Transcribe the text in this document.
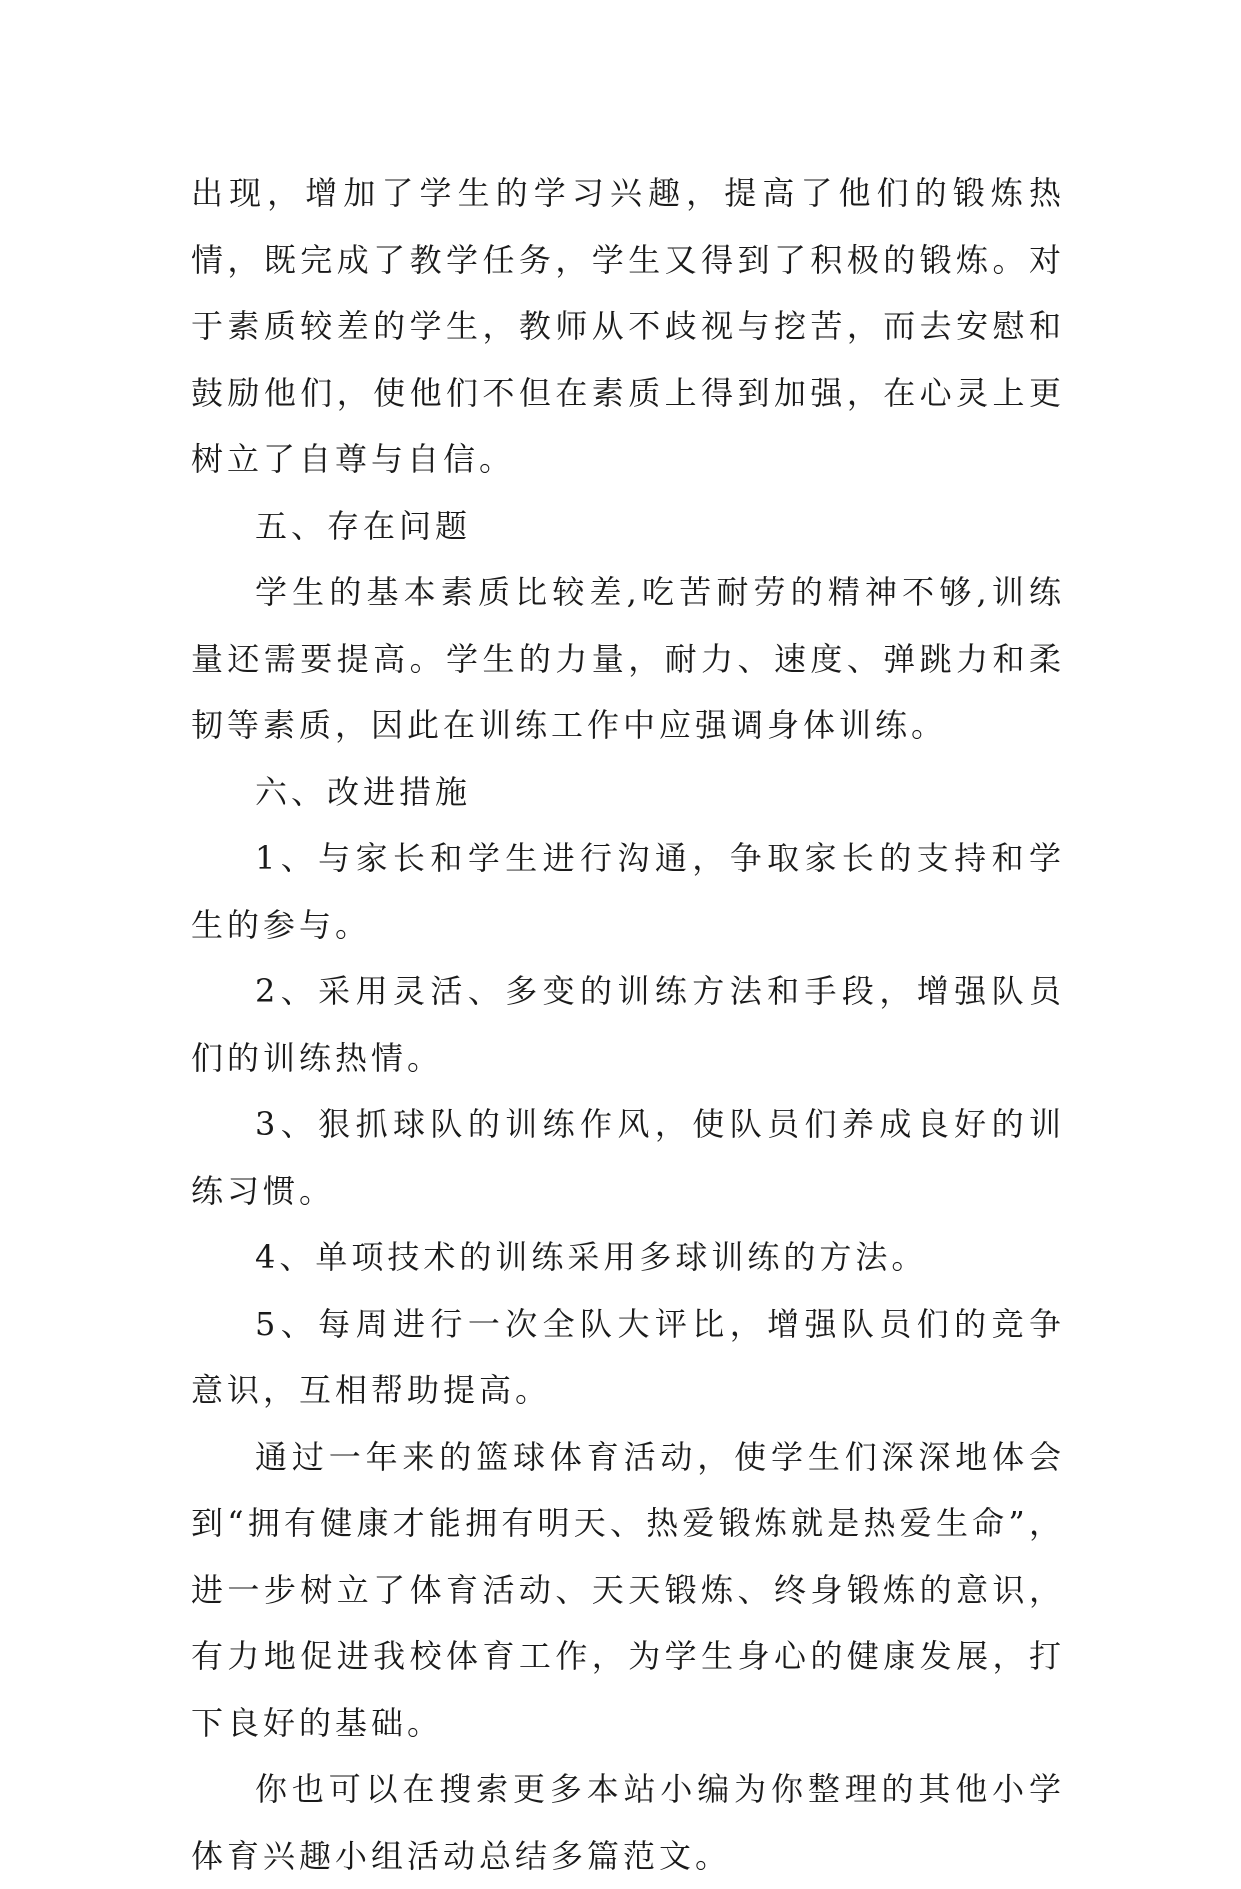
出现，增加了学生的学习兴趣，提高了他们的锻炼热情，既完成了教学任务，学生又得到了积极的锻炼。对于素质较差的学生，教师从不歧视与挖苦，而去安慰和鼓励他们，使他们不但在素质上得到加强，在心灵上更树立了自尊与自信。

五、存在问题

学生的基本素质比较差,吃苦耐劳的精神不够,训练量还需要提高。学生的力量，耐力、速度、弹跳力和柔韧等素质，因此在训练工作中应强调身体训练。

六、改进措施

1、与家长和学生进行沟通，争取家长的支持和学生的参与。

2、采用灵活、多变的训练方法和手段，增强队员们的训练热情。

3、狠抓球队的训练作风，使队员们养成良好的训练习惯。

4、单项技术的训练采用多球训练的方法。

5、每周进行一次全队大评比，增强队员们的竞争意识，互相帮助提高。

通过一年来的篮球体育活动，使学生们深深地体会到“拥有健康才能拥有明天、热爱锻炼就是热爱生命”，进一步树立了体育活动、天天锻炼、终身锻炼的意识，有力地促进我校体育工作，为学生身心的健康发展，打下良好的基础。

你也可以在搜索更多本站小编为你整理的其他小学体育兴趣小组活动总结多篇范文。
